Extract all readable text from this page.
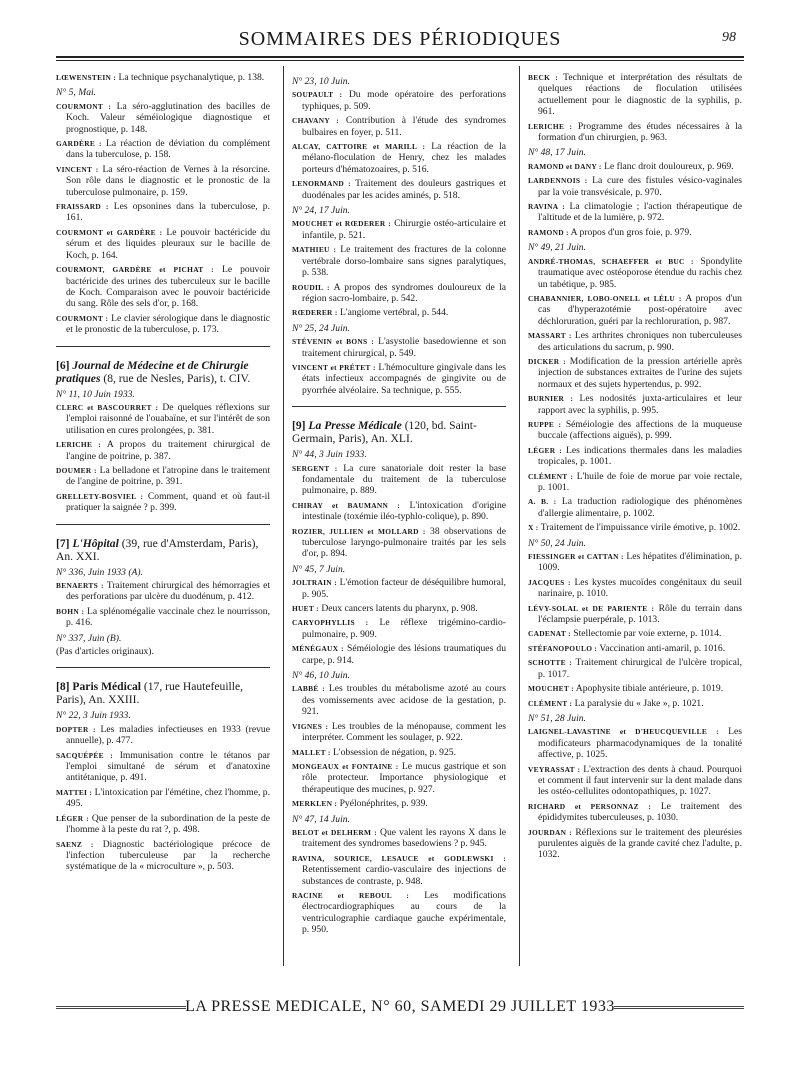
SOMMAIRES DES PÉRIODIQUES	98
LŒWENSTEIN : La technique psychanalytique, p. 138.
N° 5, Mai.
COURMONT : La séro-agglutination des bacilles de Koch. Valeur séméiologique diagnostique et prognostique, p. 148.
GARDÈRE : La réaction de déviation du complément dans la tuberculose, p. 158.
VINCENT : La séro-réaction de Vernes à la résorcine. Son rôle dans le diagnostic et le pronostic de la tuberculose pulmonaire, p. 159.
FRAISSARD : Les opsonines dans la tuberculose, p. 161.
COURMONT et GARDÈRE : Le pouvoir bactéricide du sérum et des liquides pleuraux sur le bacille de Koch, p. 164.
COURMONT, GARDÈRE et PICHAT : Le pouvoir bactéricide des urines des tuberculeux sur le bacille de Koch. Comparaison avec le pouvoir bactéricide du sang. Rôle des sels d'or, p. 168.
COURMONT : Le clavier sérologique dans le diagnostic et le pronostic de la tuberculose, p. 173.
[6] Journal de Médecine et de Chirurgie pratiques (8, rue de Nesles, Paris), t. CIV.
N° 11, 10 Juin 1933.
CLERC et BASCOURRET : De quelques réflexions sur l'emploi raisonné de l'ouabaïne, et sur l'intérêt de son utilisation en cures prolongées, p. 381.
LERICHE : A propos du traitement chirurgical de l'angine de poitrine, p. 387.
DOUMER : La belladone et l'atropine dans le traitement de l'angine de poitrine, p. 391.
GRELLETY-BOSVIEL : Comment, quand et où faut-il pratiquer la saignée ? p. 399.
[7] L'Hôpital (39, rue d'Amsterdam, Paris), An. XXI.
N° 336, Juin 1933 (A).
BENAERTS : Traitement chirurgical des hémorragies et des perforations par ulcère du duodénum, p. 412.
BOHN : La splénomégalie vaccinale chez le nourrisson, p. 416.
N° 337, Juin (B).
(Pas d'articles originaux).
[8] Paris Médical (17, rue Hautefeuille, Paris), An. XXIII.
N° 22, 3 Juin 1933.
DOPTER : Les maladies infectieuses en 1933 (revue annuelle), p. 477.
SACQUÉPÉE : Immunisation contre le tétanos par l'emploi simultané de sérum et d'anatoxine antitétanique, p. 491.
MATTEI : L'intoxication par l'émétine, chez l'homme, p. 495.
LÉGER : Que penser de la subordination de la peste de l'homme à la peste du rat ?, p. 498.
SAENZ : Diagnostic bactériologique précoce de l'infection tuberculeuse par la recherche systématique de la « microculture », p. 503.
N° 23, 10 Juin.
SOUPAULT : Du mode opératoire des perforations typhiques, p. 509.
CHAVANY : Contribution à l'étude des syndromes bulbaires en foyer, p. 511.
ALCAY, CATTOIRE et MARILL : La réaction de la mélano-floculation de Henry, chez les malades porteurs d'hématozoaires, p. 516.
LENORMAND : Traitement des douleurs gastriques et duodénales par les acides aminés, p. 518.
N° 24, 17 Juin.
MOUCHET et RŒDERER : Chirurgie ostéo-articulaire et infantile, p. 521.
MATHIEU : Le traitement des fractures de la colonne vertébrale dorso-lombaire sans signes paralytiques, p. 538.
ROUDIL : A propos des syndromes douloureux de la région sacro-lombaire, p. 542.
RŒDERER : L'angiome vertébral, p. 544.
N° 25, 24 Juin.
STÉVENIN et BONS : L'asystolie basedowienne et son traitement chirurgical, p. 549.
VINCENT et PRÉTET : L'hémoculture gingivale dans les états infectieux accompagnés de gingivite ou de pyorrhée alvéolaire. Sa technique, p. 555.
[9] La Presse Médicale (120, bd. Saint-Germain, Paris), An. XLI.
N° 44, 3 Juin 1933.
SERGENT : La cure sanatoriale doit rester la base fondamentale du traitement de la tuberculose pulmonaire, p. 889.
CHIRAY et BAUMANN : L'intoxication d'origine intestinale (toxémie iléo-typhlo-colique), p. 890.
ROZIER, JULLIEN et MOLLARD : 38 observations de tuberculose laryngo-pulmonaire traités par les sels d'or, p. 894.
N° 45, 7 Juin.
JOLTRAIN : L'émotion facteur de déséquilibre humoral, p. 905.
HUET : Deux cancers latents du pharynx, p. 908.
CARYOPHYLLIS : Le réflexe trigémino-cardio-pulmonaire, p. 909.
MÉNÉGAUX : Séméiologie des lésions traumatiques du carpe, p. 914.
N° 46, 10 Juin.
LABBÉ : Les troubles du métabolisme azoté au cours des vomissements avec acidose de la gestation, p. 921.
VIGNES : Les troubles de la ménopause, comment les interpréter. Comment les soulager, p. 922.
MALLET : L'obsession de négation, p. 925.
MONGEAUX et FONTAINE : Le mucus gastrique et son rôle protecteur. Importance physiologique et thérapeutique des mucines, p. 927.
MERKLEN : Pyélonéphrites, p. 939.
N° 47, 14 Juin.
BELOT et DELHERM : Que valent les rayons X dans le traitement des syndromes basedowiens ? p. 945.
RAVINA, SOURICE, LESAUCE et GODLEWSKI : Retentissement cardio-vasculaire des injections de substances de contraste, p. 948.
RACINE et REBOUL : Les modifications électrocardiographiques au cours de la ventriculographie cardiaque gauche expérimentale, p. 950.
BECK : Technique et interprétation des résultats de quelques réactions de floculation utilisées actuellement pour le diagnostic de la syphilis, p. 961.
LERICHE : Programme des études nécessaires à la formation d'un chirurgien, p. 963.
N° 48, 17 Juin.
RAMOND et DANY : Le flanc droit douloureux, p. 969.
LARDENNOIS : La cure des fistules vésico-vaginales par la voie transvésicale, p. 970.
RAVINA : La climatologie ; l'action thérapeutique de l'altitude et de la lumière, p. 972.
RAMOND : A propos d'un gros foie, p. 979.
N° 49, 21 Juin.
ANDRÉ-THOMAS, SCHAEFFER et BUC : Spondylite traumatique avec ostéoporose étendue du rachis chez un tabétique, p. 985.
CHABANNIER, LOBO-ONELL et LÉLU : A propos d'un cas d'hyperazotémie post-opératoire avec déchloruration, guéri par la rechloruration, p. 987.
MASSART : Les arthrites chroniques non tuberculeuses des articulations du sacrum, p. 990.
DICKER : Modification de la pression artérielle après injection de substances extraites de l'urine des sujets normaux et des sujets hypertendus, p. 992.
BURNIER : Les nodosités juxta-articulaires et leur rapport avec la syphilis, p. 995.
RUPPE : Séméiologie des affections de la muqueuse buccale (affections aiguës), p. 999.
LÉGER : Les indications thermales dans les maladies tropicales, p. 1001.
CLÉMENT : L'huile de foie de morue par voie rectale, p. 1001.
A. B. : La traduction radiologique des phénomènes d'allergie alimentaire, p. 1002.
X : Traitement de l'impuissance virile émotive, p. 1002.
N° 50, 24 Juin.
FIESSINGER et CATTAN : Les hépatites d'élimination, p. 1009.
JACQUES : Les kystes mucoïdes congénitaux du seuil narinaire, p. 1010.
LÉVY-SOLAL et DE PARIENTE : Rôle du terrain dans l'éclampsie puerpérale, p. 1013.
CADENAT : Stellectomie par voie externe, p. 1014.
STÉFANOPOULO : Vaccination anti-amaril, p. 1016.
SCHOTTE : Traitement chirurgical de l'ulcère tropical, p. 1017.
MOUCHET : Apophysite tibiale antérieure, p. 1019.
CLÉMENT : La paralysie du « Jake », p. 1021.
N° 51, 28 Juin.
LAIGNEL-LAVASTINE et D'HEUCQUEVILLE : Les modificateurs pharmacodynamiques de la tonalité affective, p. 1025.
VEYRASSAT : L'extraction des dents à chaud. Pourquoi et comment il faut intervenir sur la dent malade dans les ostéo-cellulites odontopathiques, p. 1027.
RICHARD et PERSONNAZ : Le traitement des épididymites tuberculeuses, p. 1030.
JOURDAN : Réflexions sur le traitement des pleurésies purulentes aiguës de la grande cavité chez l'adulte, p. 1032.
LA PRESSE MEDICALE, N° 60, SAMEDI 29 JUILLET 1933
